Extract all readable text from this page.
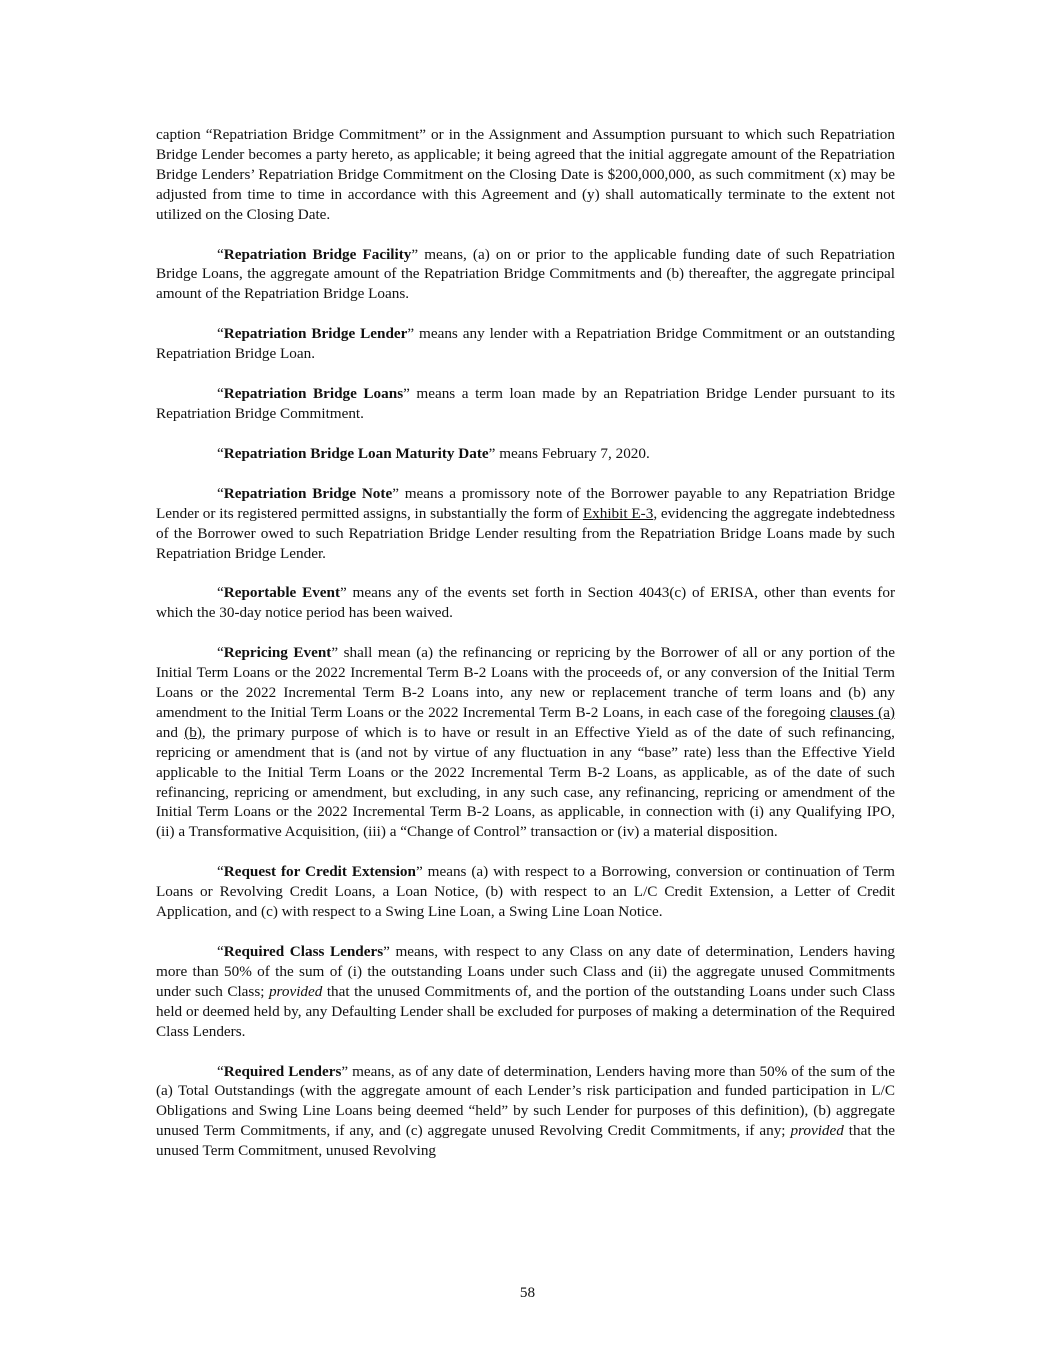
caption “Repatriation Bridge Commitment” or in the Assignment and Assumption pursuant to which such Repatriation Bridge Lender becomes a party hereto, as applicable; it being agreed that the initial aggregate amount of the Repatriation Bridge Lenders’ Repatriation Bridge Commitment on the Closing Date is $200,000,000, as such commitment (x) may be adjusted from time to time in accordance with this Agreement and (y) shall automatically terminate to the extent not utilized on the Closing Date.

“Repatriation Bridge Facility” means, (a) on or prior to the applicable funding date of such Repatriation Bridge Loans, the aggregate amount of the Repatriation Bridge Commitments and (b) thereafter, the aggregate principal amount of the Repatriation Bridge Loans.

“Repatriation Bridge Lender” means any lender with a Repatriation Bridge Commitment or an outstanding Repatriation Bridge Loan.

“Repatriation Bridge Loans” means a term loan made by an Repatriation Bridge Lender pursuant to its Repatriation Bridge Commitment.

“Repatriation Bridge Loan Maturity Date” means February 7, 2020.

“Repatriation Bridge Note” means a promissory note of the Borrower payable to any Repatriation Bridge Lender or its registered permitted assigns, in substantially the form of Exhibit E-3, evidencing the aggregate indebtedness of the Borrower owed to such Repatriation Bridge Lender resulting from the Repatriation Bridge Loans made by such Repatriation Bridge Lender.

“Reportable Event” means any of the events set forth in Section 4043(c) of ERISA, other than events for which the 30-day notice period has been waived.

“Repricing Event” shall mean (a) the refinancing or repricing by the Borrower of all or any portion of the Initial Term Loans or the 2022 Incremental Term B-2 Loans with the proceeds of, or any conversion of the Initial Term Loans or the 2022 Incremental Term B-2 Loans into, any new or replacement tranche of term loans and (b) any amendment to the Initial Term Loans or the 2022 Incremental Term B-2 Loans, in each case of the foregoing clauses (a) and (b), the primary purpose of which is to have or result in an Effective Yield as of the date of such refinancing, repricing or amendment that is (and not by virtue of any fluctuation in any “base” rate) less than the Effective Yield applicable to the Initial Term Loans or the 2022 Incremental Term B-2 Loans, as applicable, as of the date of such refinancing, repricing or amendment, but excluding, in any such case, any refinancing, repricing or amendment of the Initial Term Loans or the 2022 Incremental Term B-2 Loans, as applicable, in connection with (i) any Qualifying IPO, (ii) a Transformative Acquisition, (iii) a “Change of Control” transaction or (iv) a material disposition.

“Request for Credit Extension” means (a) with respect to a Borrowing, conversion or continuation of Term Loans or Revolving Credit Loans, a Loan Notice, (b) with respect to an L/C Credit Extension, a Letter of Credit Application, and (c) with respect to a Swing Line Loan, a Swing Line Loan Notice.

“Required Class Lenders” means, with respect to any Class on any date of determination, Lenders having more than 50% of the sum of (i) the outstanding Loans under such Class and (ii) the aggregate unused Commitments under such Class; provided that the unused Commitments of, and the portion of the outstanding Loans under such Class held or deemed held by, any Defaulting Lender shall be excluded for purposes of making a determination of the Required Class Lenders.

“Required Lenders” means, as of any date of determination, Lenders having more than 50% of the sum of the (a) Total Outstandings (with the aggregate amount of each Lender’s risk participation and funded participation in L/C Obligations and Swing Line Loans being deemed “held” by such Lender for purposes of this definition), (b) aggregate unused Term Commitments, if any, and (c) aggregate unused Revolving Credit Commitments, if any; provided that the unused Term Commitment, unused Revolving

58
